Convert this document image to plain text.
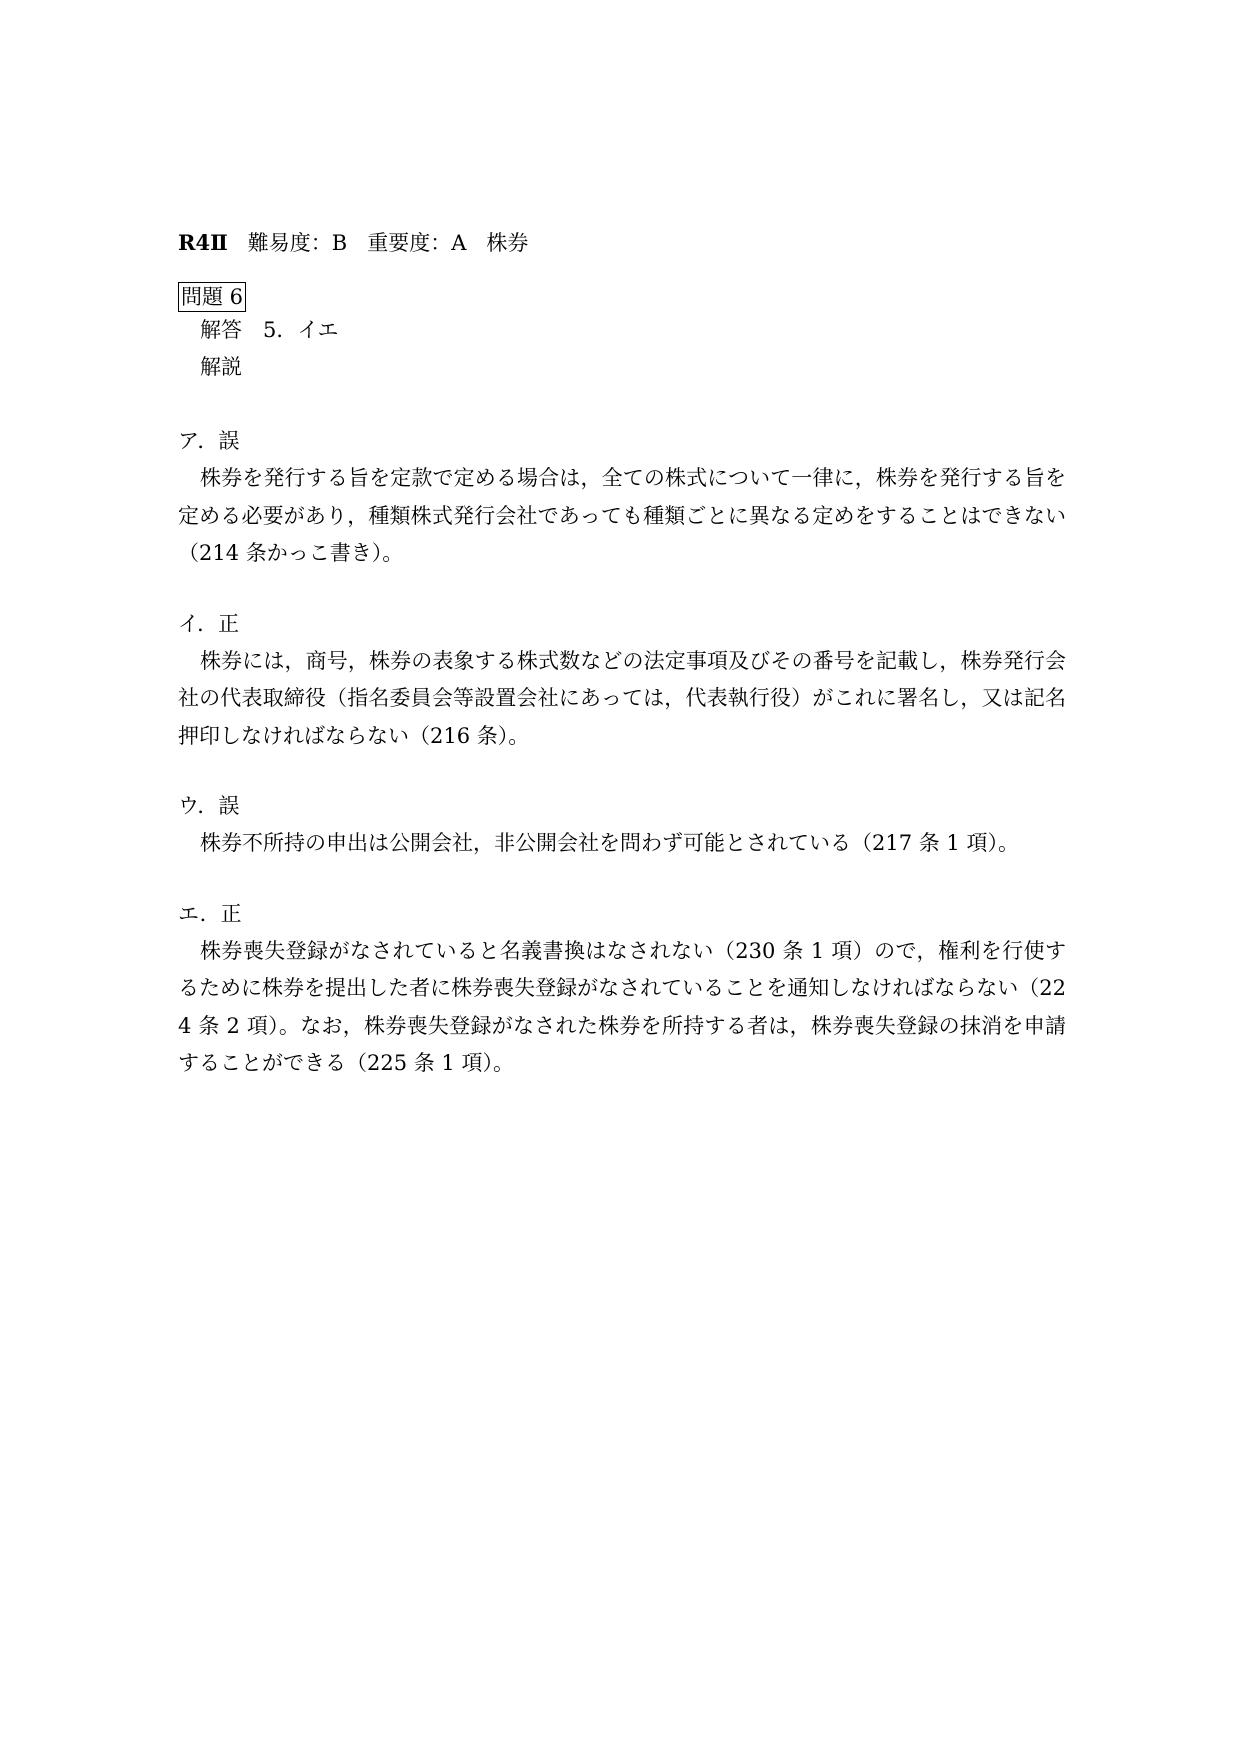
R4Ⅱ 難易度：B 重要度：A 株券
問題 6
解答　5．イエ
解説
ア．誤
株券を発行する旨を定款で定める場合は，全ての株式について一律に，株券を発行する旨を定める必要があり，種類株式発行会社であっても種類ごとに異なる定めをすることはできない（214 条かっこ書き）。
イ．正
株券には，商号，株券の表象する株式数などの法定事項及びその番号を記載し，株券発行会社の代表取締役（指名委員会等設置会社にあっては，代表執行役）がこれに署名し，又は記名押印しなければならない（216 条）。
ウ．誤
株券不所持の申出は公開会社，非公開会社を問わず可能とされている（217 条 1 項）。
エ．正
株券喪失登録がなされていると名義書換はなされない（230 条 1 項）ので，権利を行使するために株券を提出した者に株券喪失登録がなされていることを通知しなければならない（224 条 2 項）。なお，株券喪失登録がなされた株券を所持する者は，株券喪失登録の抹消を申請することができる（225 条 1 項）。
